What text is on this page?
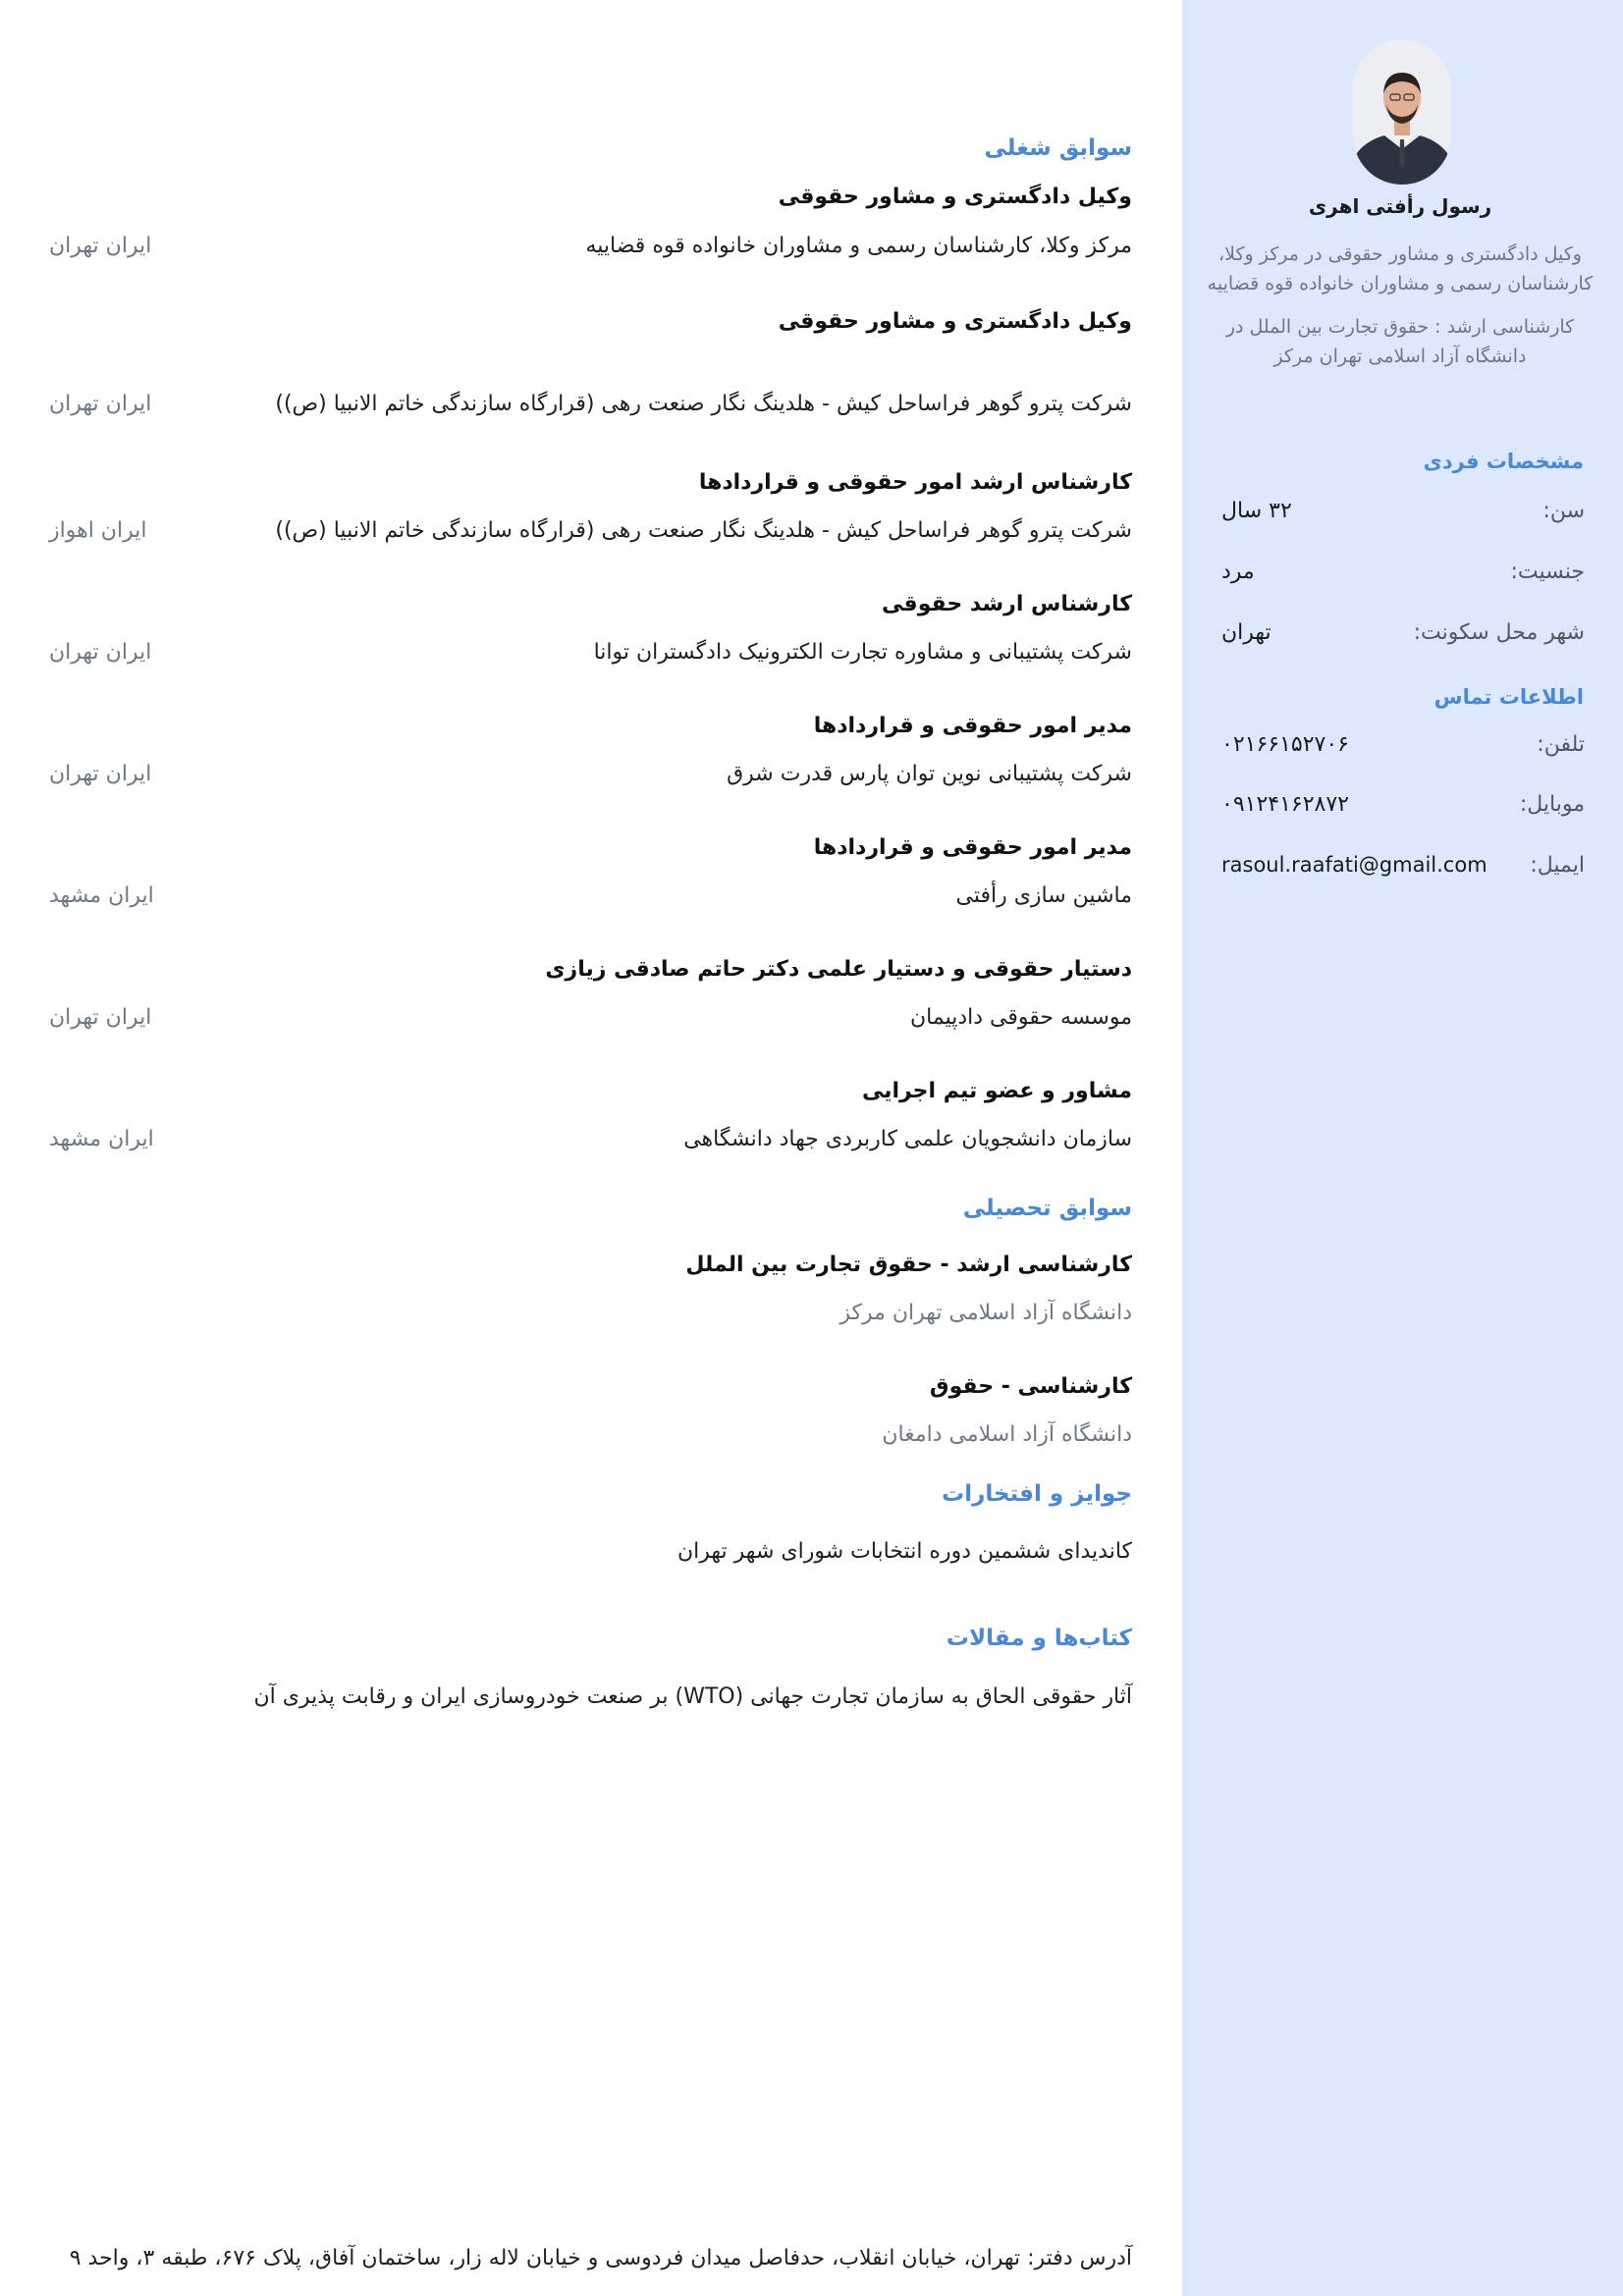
سوابق شغلی
وکیل دادگستری و مشاور حقوقی
مرکز وکلا، کارشناسان رسمی و مشاوران خانواده قوه قضاییه
ایران تهران
وکیل دادگستری و مشاور حقوقی
شرکت پترو گوهر فراساحل کیش - هلدینگ نگار صنعت رهی (قرارگاه سازندگی خاتم الانبیا (ص))
ایران تهران
کارشناس ارشد امور حقوقی و قراردادها
شرکت پترو گوهر فراساحل کیش - هلدینگ نگار صنعت رهی (قرارگاه سازندگی خاتم الانبیا (ص))
ایران اهواز
کارشناس ارشد حقوقی
شرکت پشتیبانی و مشاوره تجارت الکترونیک دادگستران توانا
ایران تهران
مدیر امور حقوقی و قراردادها
شرکت پشتیبانی نوین توان پارس قدرت شرق
ایران تهران
مدیر امور حقوقی و قراردادها
ماشین سازی رأفتی
ایران مشهد
دستیار حقوقی و دستیار علمی دکتر حاتم صادقی زیازی
موسسه حقوقی دادپیمان
ایران تهران
مشاور و عضو تیم اجرایی
سازمان دانشجویان علمی کاربردی جهاد دانشگاهی
ایران مشهد
سوابق تحصیلی
کارشناسی ارشد - حقوق تجارت بین الملل
دانشگاه آزاد اسلامی تهران مرکز
کارشناسی - حقوق
دانشگاه آزاد اسلامی دامغان
جوایز و افتخارات
کاندیدای ششمین دوره انتخابات شورای شهر تهران
کتاب‌ها و مقالات
آثار حقوقی الحاق به سازمان تجارت جهانی (WTO) بر صنعت خودروسازی ایران و رقابت پذیری آن
آدرس دفتر: تهران، خیابان انقلاب، حدفاصل میدان فردوسی و خیابان لاله زار، ساختمان آفاق، پلاک ۶۷۶، طبقه ۳، واحد ۹
رسول رأفتی اهری
وکیل دادگستری و مشاور حقوقی در مرکز وکلا،
کارشناسان رسمی و مشاوران خانواده قوه قضاییه
کارشناسی ارشد : حقوق تجارت بین الملل در
دانشگاه آزاد اسلامی تهران مرکز
مشخصات فردی
سن:
۳۲ سال
جنسیت:
مرد
شهر محل سکونت:
تهران
اطلاعات تماس
تلفن:
۰۲۱۶۶۱۵۲۷۰۶
موبایل:
۰۹۱۲۴۱۶۲۸۷۲
ایمیل:
rasoul.raafati@gmail.com
